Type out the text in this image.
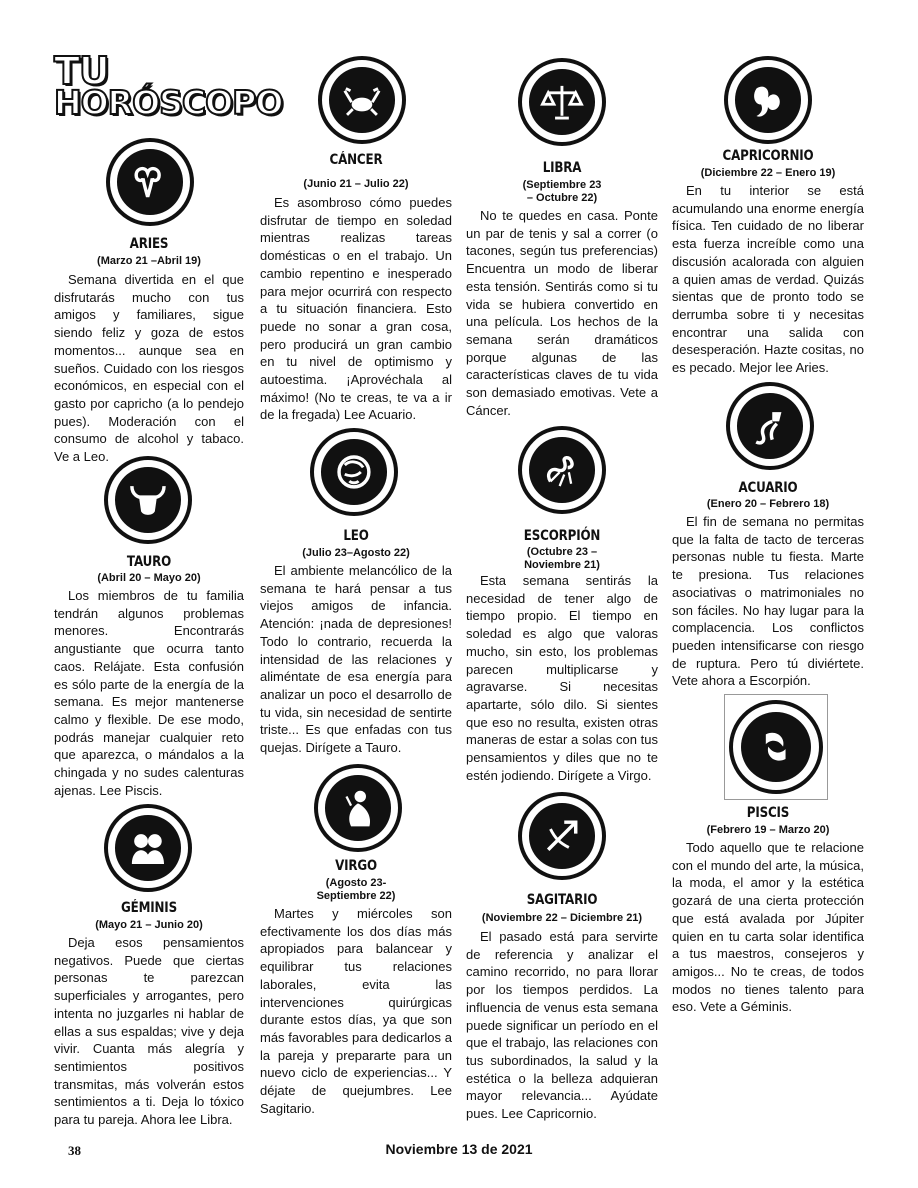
TU
HORÓSCOPO
ARIES
(Marzo 21 –Abril 19)
Semana divertida en el que disfrutarás mucho con tus amigos y familiares, sigue siendo feliz y goza de estos momentos... aunque sea en sueños. Cuidado con los riesgos económicos, en especial con el gasto por capricho (a lo pendejo pues). Moderación con el consumo de alcohol y tabaco. Ve a Leo.
CÁNCER
(Junio 21 – Julio 22)
Es asombroso cómo puedes disfrutar de tiempo en soledad mientras realizas tareas domésticas o en el trabajo. Un cambio repentino e inesperado para mejor ocurrirá con respecto a tu situación financiera. Esto puede no sonar a gran cosa, pero producirá un gran cambio en tu nivel de optimismo y autoestima. ¡Aprovéchala al máximo! (No te creas, te va a ir de la fregada) Lee Acuario.
LIBRA
(Septiembre 23
– Octubre 22)
No te quedes en casa. Ponte un par de tenis y sal a correr (o tacones, según tus preferencias) Encuentra un modo de liberar esta tensión. Sentirás como si tu vida se hubiera convertido en una película. Los hechos de la semana serán dramáticos porque algunas de las características claves de tu vida son demasiado emotivas. Vete a Cáncer.
CAPRICORNIO
(Diciembre 22 – Enero 19)
En tu interior se está acumulando una enorme energía física. Ten cuidado de no liberar esta fuerza increíble como una discusión acalorada con alguien a quien amas de verdad. Quizás sientas que de pronto todo se derrumba sobre ti y necesitas encontrar una salida con desesperación. Hazte cositas, no es pecado. Mejor lee Aries.
TAURO
(Abril 20 – Mayo 20)
Los miembros de tu familia tendrán algunos problemas menores. Encontrarás angustiante que ocurra tanto caos. Relájate. Esta confusión es sólo parte de la energía de la semana. Es mejor mantenerse calmo y flexible. De ese modo, podrás manejar cualquier reto que aparezca, o mándalos a la chingada y no sudes calenturas ajenas. Lee Piscis.
LEO
(Julio 23–Agosto 22)
El ambiente melancólico de la semana te hará pensar a tus viejos amigos de infancia. Atención: ¡nada de depresiones! Todo lo contrario, recuerda la intensidad de las relaciones y aliméntate de esa energía para analizar un poco el desarrollo de tu vida, sin necesidad de sentirte triste... Es que enfadas con tus quejas. Dirígete a Tauro.
ESCORPIÓN
(Octubre 23 –
Noviembre 21)
Esta semana sentirás la necesidad de tener algo de tiempo propio. El tiempo en soledad es algo que valoras mucho, sin esto, los problemas parecen multiplicarse y agravarse. Si necesitas apartarte, sólo dilo. Si sientes que eso no resulta, existen otras maneras de estar a solas con tus pensamientos y diles que no te estén jodiendo. Dirígete a Virgo.
ACUARIO
(Enero 20 – Febrero 18)
El fin de semana no permitas que la falta de tacto de terceras personas nuble tu fiesta. Marte te presiona. Tus relaciones asociativas o matrimoniales no son fáciles. No hay lugar para la complacencia. Los conflictos pueden intensificarse con riesgo de ruptura. Pero tú diviértete. Vete ahora a Escorpión.
GÉMINIS
(Mayo 21 – Junio 20)
Deja esos pensamientos negativos. Puede que ciertas personas te parezcan superficiales y arrogantes, pero intenta no juzgarles ni hablar de ellas a sus espaldas; vive y deja vivir. Cuanta más alegría y sentimientos positivos transmitas, más volverán estos sentimientos a ti. Deja lo tóxico para tu pareja. Ahora lee Libra.
VIRGO
(Agosto 23-
Septiembre 22)
Martes y miércoles son efectivamente los dos días más apropiados para balancear y equilibrar tus relaciones laborales, evita las intervenciones quirúrgicas durante estos días, ya que son más favorables para dedicarlos a la pareja y prepararte para un nuevo ciclo de experiencias... Y déjate de quejumbres. Lee Sagitario.
SAGITARIO
(Noviembre 22 – Diciembre 21)
El pasado está para servirte de referencia y analizar el camino recorrido, no para llorar por los tiempos perdidos. La influencia de venus esta semana puede significar un período en el que el trabajo, las relaciones con tus subordinados, la salud y la estética o la belleza adquieran mayor relevancia... Ayúdate pues. Lee Capricornio.
PISCIS
(Febrero 19 – Marzo 20)
Todo aquello que te relacione con el mundo del arte, la música, la moda, el amor y la estética gozará de una cierta protección que está avalada por Júpiter quien en tu carta solar identifica a tus maestros, consejeros y amigos... No te creas, de todos modos no tienes talento para eso. Vete a Géminis.
38	Noviembre 13 de 2021
